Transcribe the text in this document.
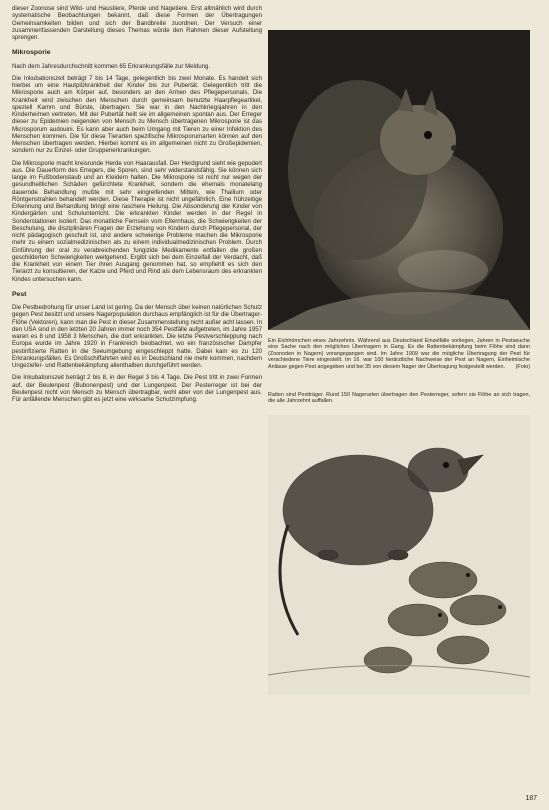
dieser Zoonose sind Wild- und Haustiere, Pferde und Nagetiere. Erst allmählich wird durch systematische Beobachtungen bekannt, daß diese Formen der Übertragungen Gemeinsamkeiten bilden und sich der Bandbreite zuordnen. Der Versuch einer zusammenfassenden Darstellung dieses Themas würde den Rahmen dieser Aufstellung sprengen.

Mikrosporie

Nach dem Jahresdurchschnitt kommen 65 Erkrankungsfälle zur Meldung.

Die Inkubationszeit beträgt 7 bis 14 Tage, gelegentlich bis zwei Monate. Es handelt sich hierbei um eine Hautpilzkrankheit der Kinder bis zur Pubertät. Gelegentlich tritt die Mikrosporie auch am Körper auf, besonders an den Armen des Pflegepersonals. Die Krankheit wird zwischen den Menschen durch gemeinsam benutzte Haarpflegeartikel, speziell Kamm und Bürste, übertragen. Sie war in den Nachkriegsjahren in den Kinderheimen vertreten. Mit der Pubertät heilt sie im allgemeinen spontan aus. Der Erreger dieser zu Epidemien neigenden von Mensch zu Mensch übertragenen Mikrosporie ist das Microsporum audouini. Es kann aber auch beim Umgang mit Tieren zu einer Infektion des Menschen kommen. Die für diese Tierarten spezifische Mikrosporumarten können auf den Menschen übertragen werden. Hierbei kommt es im allgemeinen nicht zu Großepidemien, sondern nur zu Einzel- oder Gruppenerkrankungen.

Die Mikrosporie macht kreisrunde Herde von Haarausfall. Der Herdgrund sieht wie gepudert aus. Die Dauerform des Erregers, die Sporen, sind sehr widerstandsfähig. Sie können sich lange im Fußbodenstaub und an Kleidern halten. Die Mikrosporie ist nicht nur wegen der gesundheitlichen Schäden gefürchtete Krankheit, sondern die ehemals monatelang dauernde Behandlung mußte mit sehr eingreifenden Mitteln, wie Thallium oder Röntgenstrahlen behandelt werden. Diese Therapie ist nicht ungefährlich. Eine frühzeitige Erkennung und Behandlung bringt eine raschere Heilung. Die Absonderung der Kinder von Kindergärten und Schulunterricht. Die erkrankten Kinder werden in der Regel in Sonderstationen isoliert. Das monatliche Fernsein vom Elternhaus, die Schwierigkeiten der Beschulung, die disziplinären Fragen der Erziehung von Kindern durch Pflegepersonal, der nicht pädagogisch geschult ist, und andere schwierige Probleme machen die Mikrosporie mehr zu einem sozialmedizinischen als zu einem individualmedizinischen Problem. Durch Einführung der oral zu verabreichenden fungizide Medikamente entfallen die großen geschilderten Schwierigkeiten weitgehend. Ergibt sich bei dem Einzelfall der Verdacht, daß die Krankheit von einem Tier ihren Ausgang genommen hat, so empfiehlt es sich den Tierarzt zu konsultieren, der Katze und Pferd und Rind als dem Lebensraum des erkrankten Kindes untersuchen kann.

Pest

Die Pestbedrohung für unser Land ist gering. Da der Mensch über keinen natürlichen Schutz gegen Pest besitzt und unsere Nagerpopulation durchaus empfänglich ist für die Übertrager-Flöhe (Vektoren), kann man die Pest in dieser Zusammenstellung nicht außer acht lassen. In den USA sind in den letzten 20 Jahren immer noch 354 Pestfälle aufgetreten, im Jahre 1957 waren es 8 und 1958 3 Menschen, die dort erkrankten. Die letzte Pestverschleppung nach Europa wurde im Jahre 1920 in Frankreich beobachtet, wo ein französischer Dampfer pestinfizierte Ratten in die Seeumgebung eingeschleppt hatte. Dabei kam es zu 120 Erkrankungsfällen. Es Großschiffahrten wird es in Deutschland nie mehr kommen, nachdem Ungeziefer- und Rattenbekämpfung allenthalben durchgeführt werden.

Die Inkubationszeit beträgt 2 bis 8, in der Regel 3 bis 4 Tage. Die Pest tritt in zwei Formen auf, der Beulenpest (Bubonenpest) und der Lungenpest. Der Pesterreger ist bei der Beulenpest nicht von Mensch zu Mensch übertragbar, wohl aber von der Lungenpest aus. Für anfällende Menschen gibt es jetzt eine wirksame Schutzimpfung.

Ein Eichhörnchen eines Jahrzehnts. Während aus Deutschland Einzelfälle vorliegen, Jahren in Pestseuche eine Sache nach den möglichen Übertragern in Gang. Es die Rattenbekämpfung beim Flöhe sind dann (Zoonoden in Nagern) vorangegangen sind. Im Jahre 1909 war die mögliche Übertragung der Pest für verschiedene Tiere eingestellt. Im 16. war 100 tierärztliche Nachweise der Pest an Nagern, Einheimische Anlässe gegen Pest angegeben und bei 35 von diesem Nager der Übertragung festgestellt werden. (Foto)
Ratten sind Pestträger. Rund 150 Nagerarten übertragen den Pesterreger, sofern sie Flöhe an sich tragen, die alle Jahrzehnt auffallen.
187
